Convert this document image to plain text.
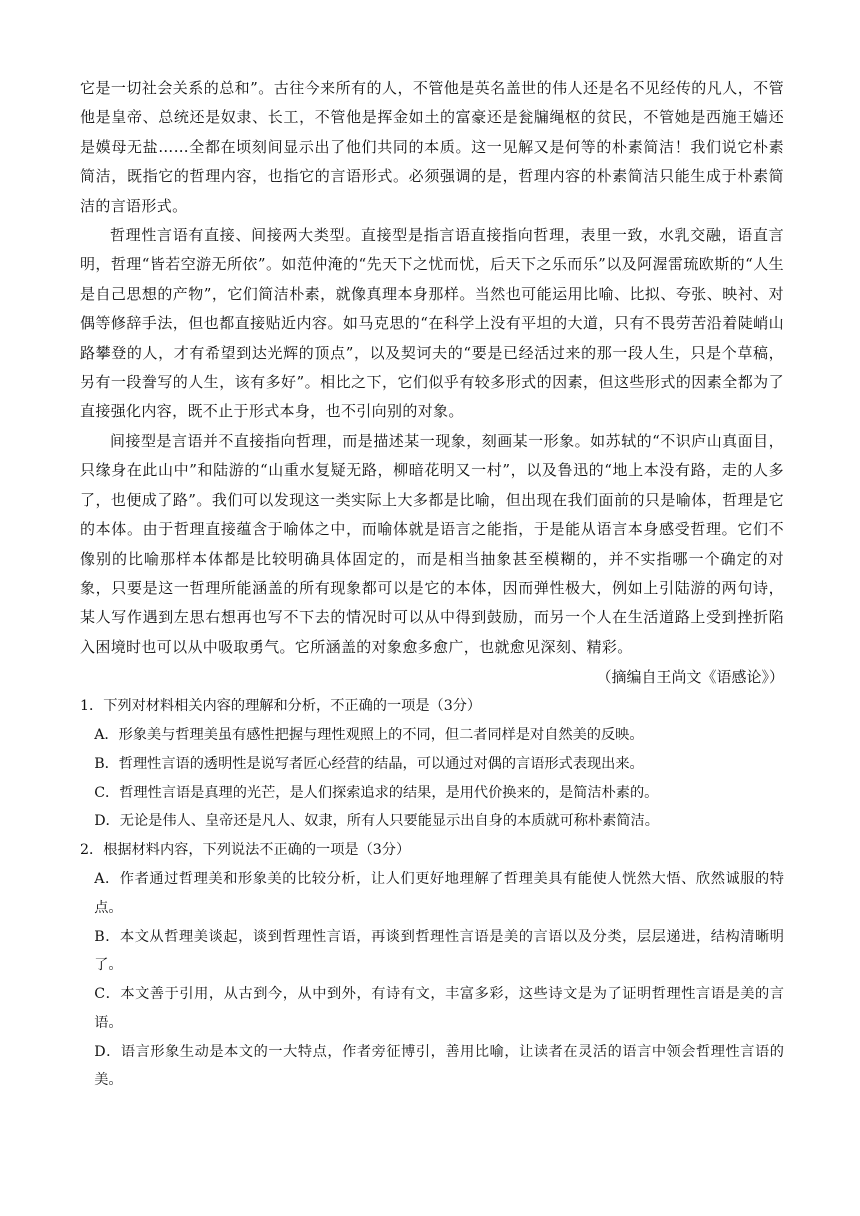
它是一切社会关系的总和”。古往今来所有的人，不管他是英名盖世的伟人还是名不见经传的凡人，不管他是皇帝、总统还是奴隶、长工，不管他是挥金如土的富豪还是瓮牖绳枢的贫民，不管她是西施王嫱还是嫫母无盐……全都在顷刻间显示出了他们共同的本质。这一见解又是何等的朴素简洁！我们说它朴素简洁，既指它的哲理内容，也指它的言语形式。必须强调的是，哲理内容的朴素简洁只能生成于朴素简洁的言语形式。

哲理性言语有直接、间接两大类型。直接型是指言语直接指向哲理，表里一致，水乳交融，语直言明，哲理“皆若空游无所依”。如范仲淹的“先天下之忧而忧，后天下之乐而乐”以及阿渥雷琉欧斯的“人生是自己思想的产物”，它们简洁朴素，就像真理本身那样。当然也可能运用比喻、比拟、夸张、映衬、对偶等修辞手法，但也都直接贴近内容。如马克思的“在科学上没有平坦的大道，只有不畏劳苦沿着陡峭山路攀登的人，才有希望到达光辉的顶点”，以及契诃夫的“要是已经活过来的那一段人生，只是个草稿，另有一段誊写的人生，该有多好”。相比之下，它们似乎有较多形式的因素，但这些形式的因素全都为了直接强化内容，既不止于形式本身，也不引向别的对象。

间接型是言语并不直接指向哲理，而是描述某一现象，刻画某一形象。如苏轼的“不识庐山真面目，只缘身在此山中”和陆游的“山重水复疑无路，柳暗花明又一村”，以及鲁迅的“地上本没有路，走的人多了，也便成了路”。我们可以发现这一类实际上大多都是比喻，但出现在我们面前的只是喻体，哲理是它的本体。由于哲理直接蕴含于喻体之中，而喻体就是语言之能指，于是能从语言本身感受哲理。它们不像别的比喻那样本体都是比较明确具体固定的，而是相当抽象甚至模糊的，并不实指哪一个确定的对象，只要是这一哲理所能涵盖的所有现象都可以是它的本体，因而弹性极大，例如上引陆游的两句诗，某人写作遇到左思右想再也写不下去的情况时可以从中得到鼓励，而另一个人在生活道路上受到挫折陷入困境时也可以从中吸取勇气。它所涵盖的对象愈多愈广，也就愈见深刻、精彩。

（摘编自王尚文《语感论》）

1．下列对材料相关内容的理解和分析，不正确的一项是（3分）

A．形象美与哲理美虽有感性把握与理性观照上的不同，但二者同样是对自然美的反映。

B．哲理性言语的透明性是说写者匠心经营的结晶，可以通过对偶的言语形式表现出来。

C．哲理性言语是真理的光芒，是人们探索追求的结果，是用代价换来的，是简洁朴素的。

D．无论是伟人、皇帝还是凡人、奴隶，所有人只要能显示出自身的本质就可称朴素简洁。

2．根据材料内容，下列说法不正确的一项是（3分）

A．作者通过哲理美和形象美的比较分析，让人们更好地理解了哲理美具有能使人恍然大悟、欣然诚服的特点。

B．本文从哲理美谈起，谈到哲理性言语，再谈到哲理性言语是美的言语以及分类，层层递进，结构清晰明了。

C．本文善于引用，从古到今，从中到外，有诗有文，丰富多彩，这些诗文是为了证明哲理性言语是美的言语。

D．语言形象生动是本文的一大特点，作者旁征博引，善用比喻，让读者在灵活的语言中领会哲理性言语的美。
